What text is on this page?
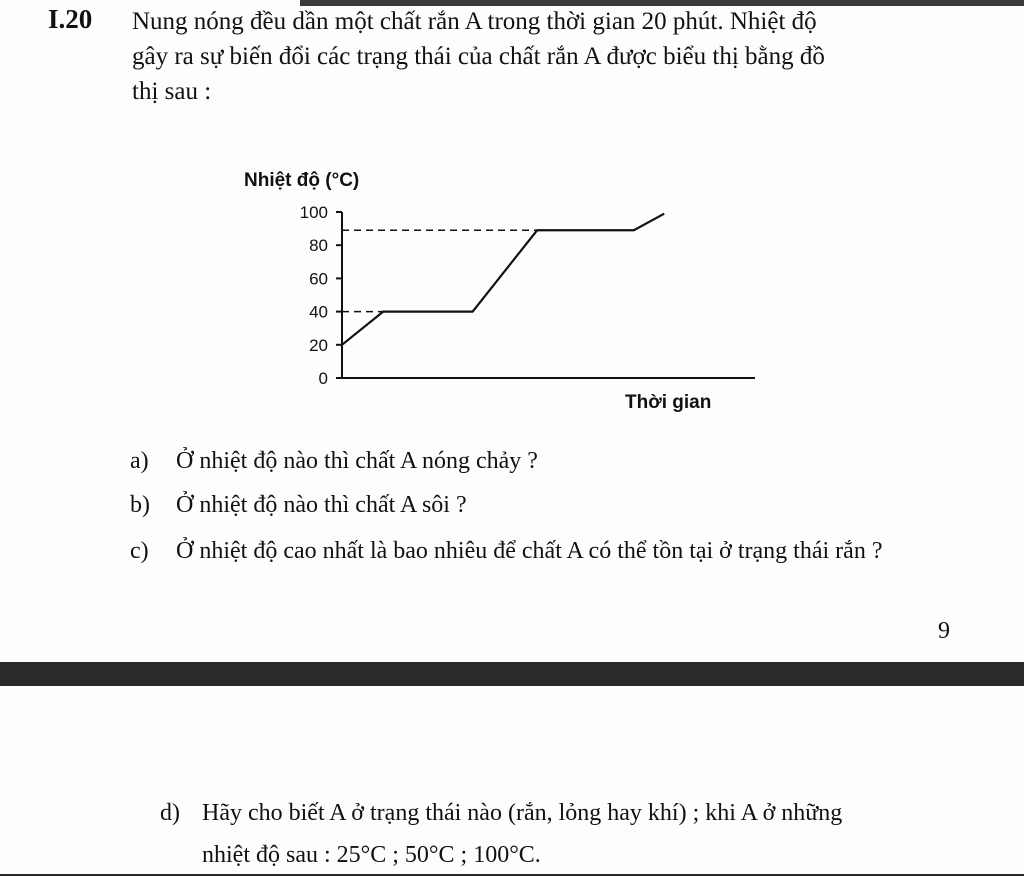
I.20 Nung nóng đều dần một chất rắn A trong thời gian 20 phút. Nhiệt độ
gây ra sự biến đổi các trạng thái của chất rắn A được biểu thị bằng đồ
thị sau :
Nhiệt độ (°C)
0
20
40
60
80
100
Thời gian
a) Ở nhiệt độ nào thì chất A nóng chảy ?
b) Ở nhiệt độ nào thì chất A sôi ?
c) Ở nhiệt độ cao nhất là bao nhiêu để chất A có thể tồn tại ở trạng thái rắn ?
9
d) Hãy cho biết A ở trạng thái nào (rắn, lỏng hay khí) ; khi A ở những
nhiệt độ sau : 25°C ; 50°C ; 100°C.
